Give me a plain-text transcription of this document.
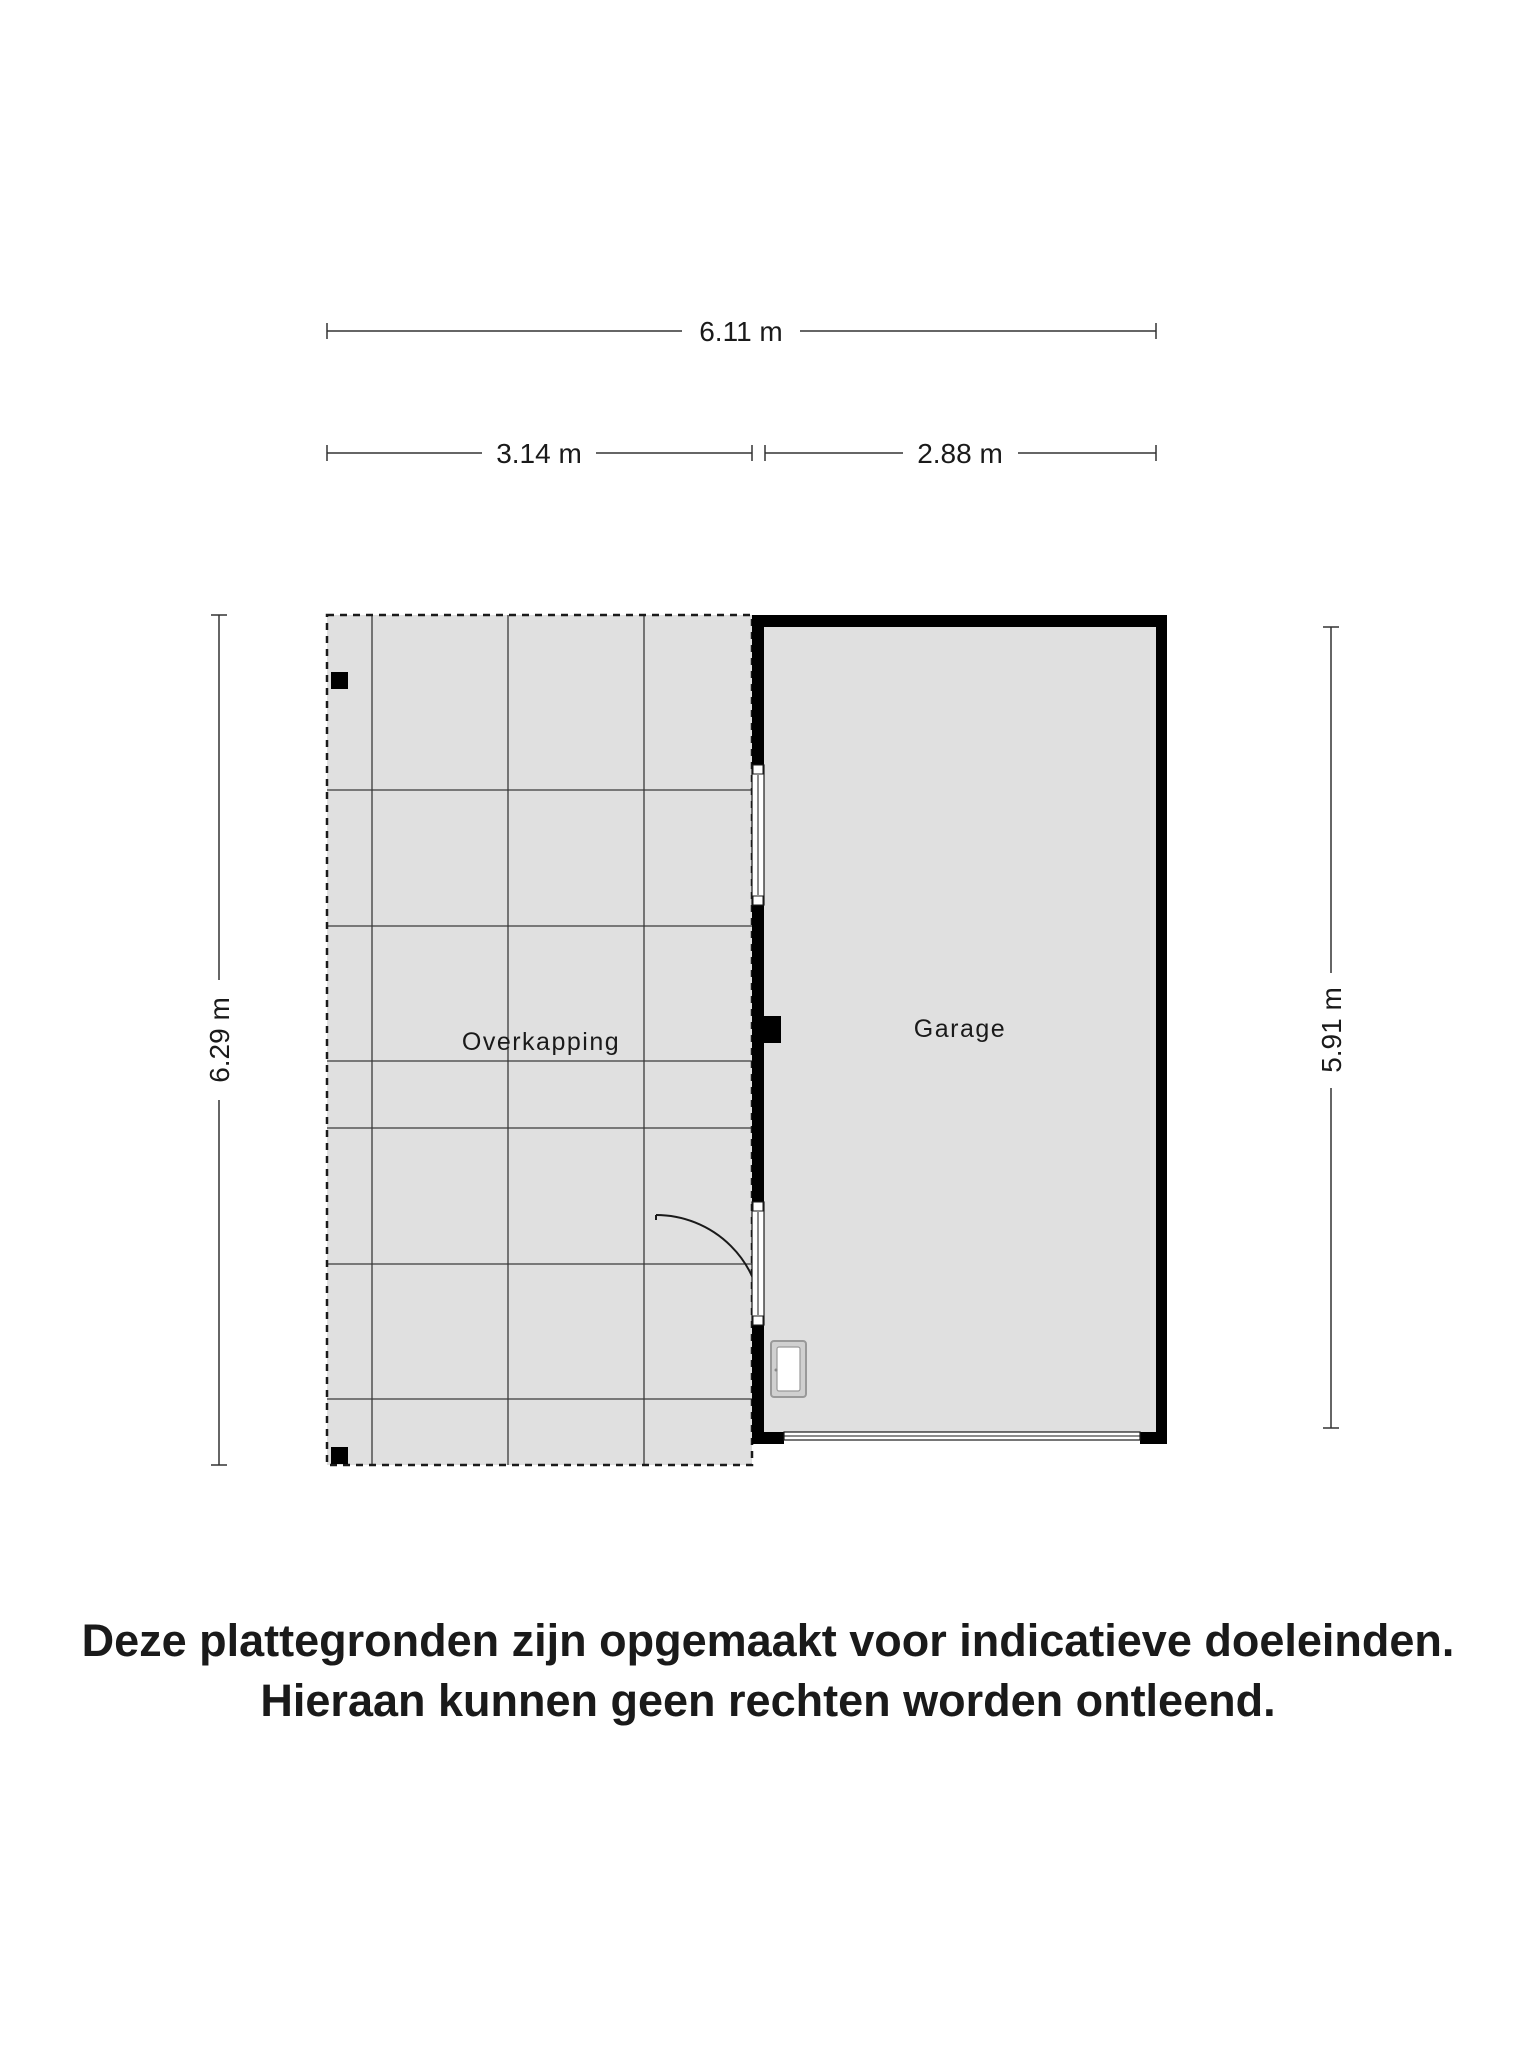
Overkapping	Garage
6.11 m
3.14 m	2.88 m
6.29 m	5.91 m
Deze plattegronden zijn opgemaakt voor indicatieve doeleinden.
Hieraan kunnen geen rechten worden ontleend.
